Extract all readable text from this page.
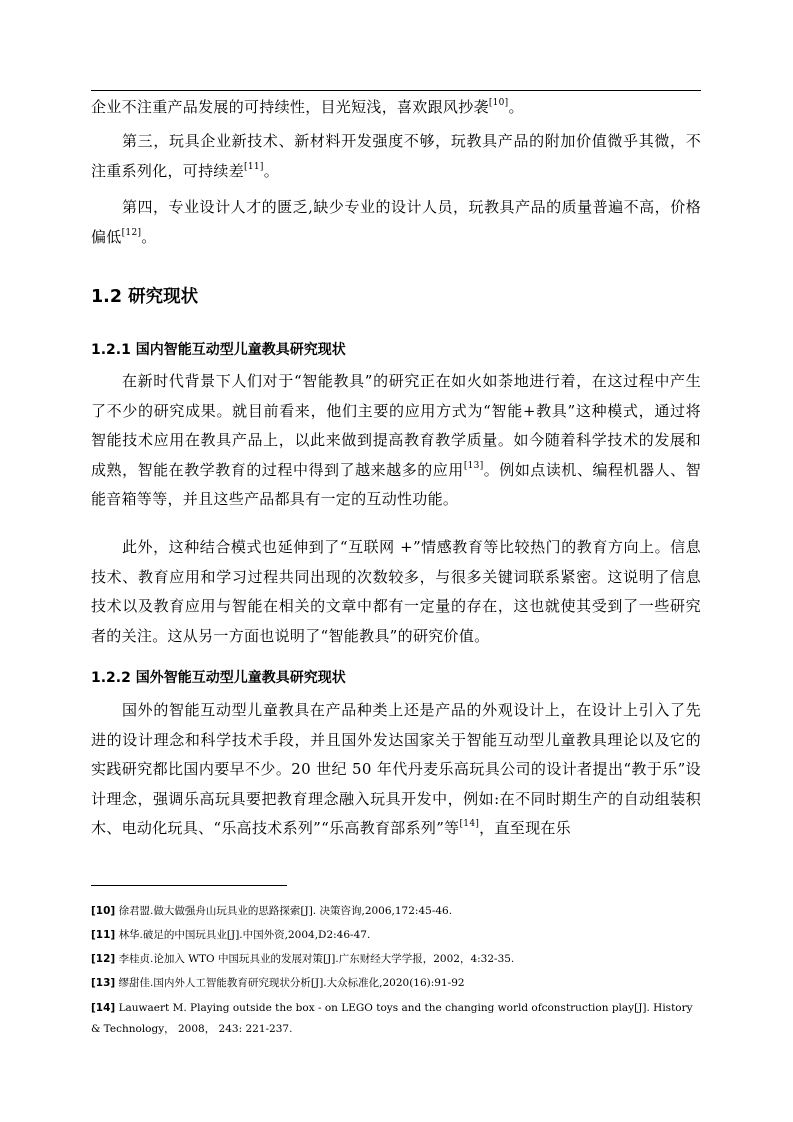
企业不注重产品发展的可持续性，目光短浅，喜欢跟风抄袭[10]。
第三，玩具企业新技术、新材料开发强度不够，玩教具产品的附加价值微乎其微，不注重系列化，可持续差[11]。
第四，专业设计人才的匮乏,缺少专业的设计人员，玩教具产品的质量普遍不高，价格偏低[12]。
1.2 研究现状
1.2.1 国内智能互动型儿童教具研究现状
在新时代背景下人们对于“智能教具”的研究正在如火如荼地进行着，在这过程中产生了不少的研究成果。就目前看来，他们主要的应用方式为“智能+教具”这种模式，通过将智能技术应用在教具产品上，以此来做到提高教育教学质量。如今随着科学技术的发展和成熟，智能在教学教育的过程中得到了越来越多的应用[13]。例如点读机、编程机器人、智能音箱等等，并且这些产品都具有一定的互动性功能。
此外，这种结合模式也延伸到了“互联网 +”情感教育等比较热门的教育方向上。信息技术、教育应用和学习过程共同出现的次数较多，与很多关键词联系紧密。这说明了信息技术以及教育应用与智能在相关的文章中都有一定量的存在，这也就使其受到了一些研究者的关注。这从另一方面也说明了“智能教具”的研究价值。
1.2.2 国外智能互动型儿童教具研究现状
国外的智能互动型儿童教具在产品种类上还是产品的外观设计上，在设计上引入了先进的设计理念和科学技术手段，并且国外发达国家关于智能互动型儿童教具理论以及它的实践研究都比国内要早不少。20 世纪 50 年代丹麦乐高玩具公司的设计者提出“教于乐”设计理念，强调乐高玩具要把教育理念融入玩具开发中，例如:在不同时期生产的自动组装积木、电动化玩具、“乐高技术系列”“乐高教育部系列”等[14]，直至现在乐
[10] 徐君盟.做大做强舟山玩具业的思路探索[J]. 决策咨询,2006,172:45-46.
[11] 林华.破足的中国玩具业[J].中国外资,2004,D2:46-47.
[12] 李桂贞.论加入 WTO 中国玩具业的发展对策[J].广东财经大学学报，2002，4:32-35.
[13] 缪甜佳.国内外人工智能教育研究现状分析[J].大众标准化,2020(16):91-92
[14] Lauwaert M. Playing outside the box - on LEGO toys and the changing world ofconstruction play[J]. History & Technology， 2008， 243: 221-237.
